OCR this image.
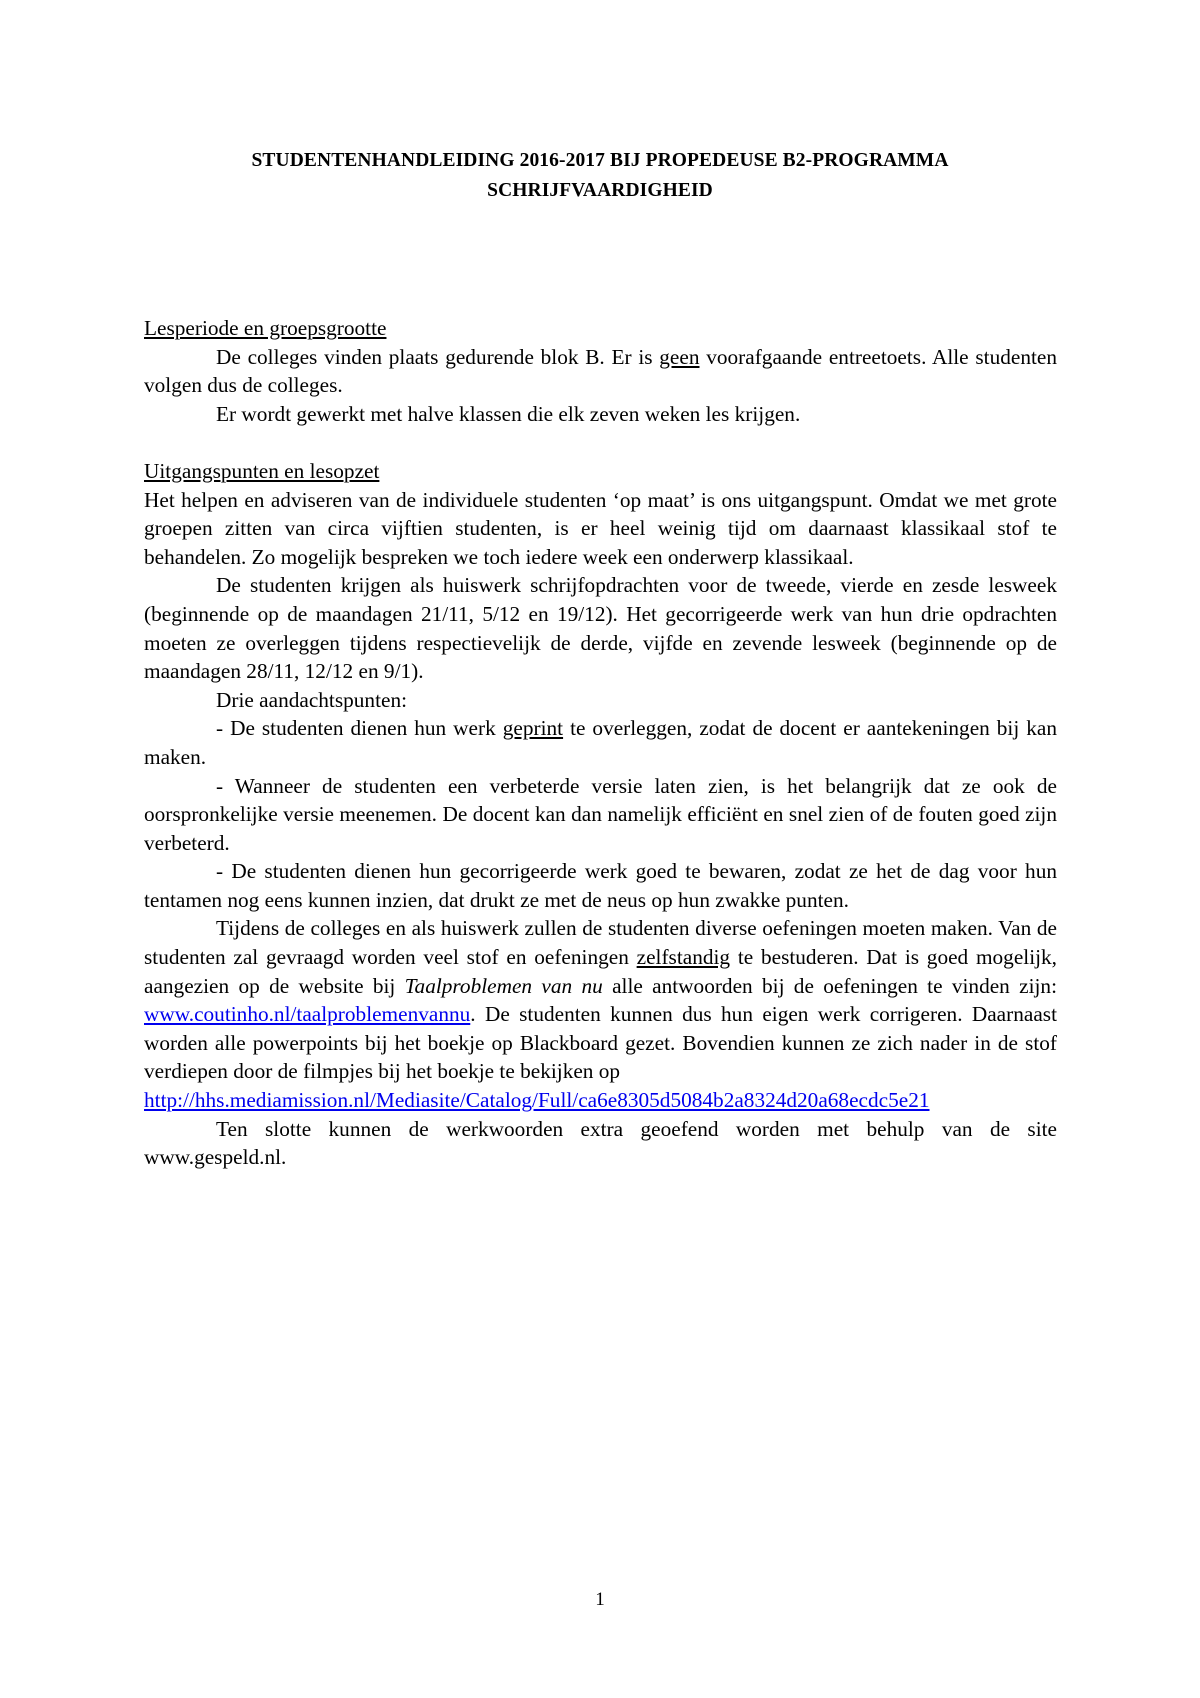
STUDENTENHANDLEIDING 2016-2017 BIJ PROPEDEUSE B2-PROGRAMMA
SCHRIJFVAARDIGHEID

Lesperiode en groepsgrootte

De colleges vinden plaats gedurende blok B. Er is geen voorafgaande entreetoets. Alle studenten volgen dus de colleges.

Er wordt gewerkt met halve klassen die elk zeven weken les krijgen.

Uitgangspunten en lesopzet

Het helpen en adviseren van de individuele studenten ‘op maat’ is ons uitgangspunt. Omdat we met grote groepen zitten van circa vijftien studenten, is er heel weinig tijd om daarnaast klassikaal stof te behandelen. Zo mogelijk bespreken we toch iedere week een onderwerp klassikaal.

De studenten krijgen als huiswerk schrijfopdrachten voor de tweede, vierde en zesde lesweek (beginnende op de maandagen 21/11, 5/12 en 19/12). Het gecorrigeerde werk van hun drie opdrachten moeten ze overleggen tijdens respectievelijk de derde, vijfde en zevende lesweek (beginnende op de maandagen 28/11, 12/12 en 9/1).

Drie aandachtspunten:

- De studenten dienen hun werk geprint te overleggen, zodat de docent er aantekeningen bij kan maken.

- Wanneer de studenten een verbeterde versie laten zien, is het belangrijk dat ze ook de oorspronkelijke versie meenemen. De docent kan dan namelijk efficiënt en snel zien of de fouten goed zijn verbeterd.

- De studenten dienen hun gecorrigeerde werk goed te bewaren, zodat ze het de dag voor hun tentamen nog eens kunnen inzien, dat drukt ze met de neus op hun zwakke punten.

Tijdens de colleges en als huiswerk zullen de studenten diverse oefeningen moeten maken. Van de studenten zal gevraagd worden veel stof en oefeningen zelfstandig te bestuderen. Dat is goed mogelijk, aangezien op de website bij Taalproblemen van nu alle antwoorden bij de oefeningen te vinden zijn: www.coutinho.nl/taalproblemenvannu. De studenten kunnen dus hun eigen werk corrigeren. Daarnaast worden alle powerpoints bij het boekje op Blackboard gezet. Bovendien kunnen ze zich nader in de stof verdiepen door de filmpjes bij het boekje te bekijken op
http://hhs.mediamission.nl/Mediasite/Catalog/Full/ca6e8305d5084b2a8324d20a68ecdc5e21

Ten slotte kunnen de werkwoorden extra geoefend worden met behulp van de site www.gespeld.nl.

1
